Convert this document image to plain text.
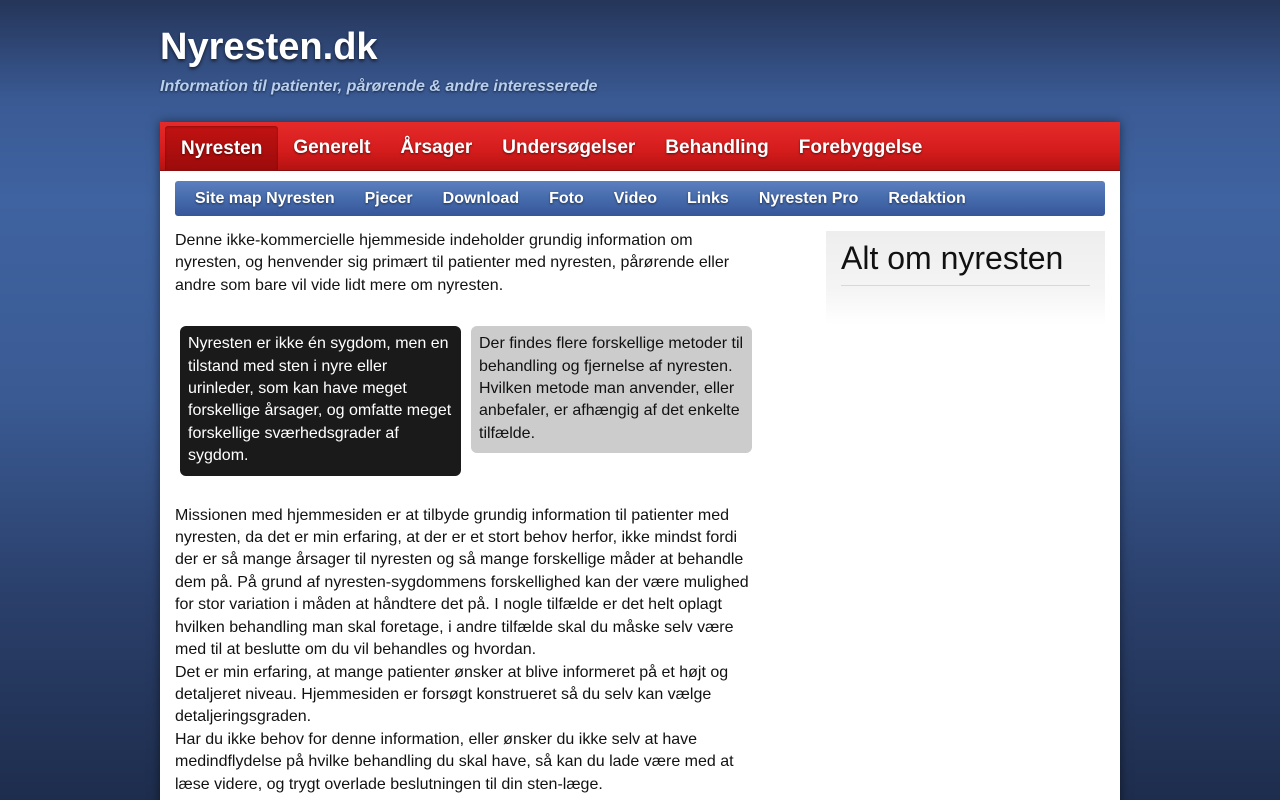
Nyresten.dk
Information til patienter, pårørende & andre interesserede
Nyresten	Generelt	Årsager	Undersøgelser	Behandling	Forebyggelse
Site map Nyresten	Pjecer	Download	Foto	Video	Links	Nyresten Pro	Redaktion

Denne ikke-kommercielle hjemmeside indeholder grundig information om nyresten, og henvender sig primært til patienter med nyresten, pårørende eller andre som bare vil vide lidt mere om nyresten.

Nyresten er ikke én sygdom, men en tilstand med sten i nyre eller urinleder, som kan have meget forskellige årsager, og omfatte meget forskellige sværhedsgrader af sygdom.
Der findes flere forskellige metoder til behandling og fjernelse af nyresten. Hvilken metode man anvender, eller anbefaler, er afhængig af det enkelte tilfælde.

Missionen med hjemmesiden er at tilbyde grundig information til patienter med nyresten, da det er min erfaring, at der er et stort behov herfor, ikke mindst fordi der er så mange årsager til nyresten og så mange forskellige måder at behandle dem på. På grund af nyresten-sygdommens forskellighed kan der være mulighed for stor variation i måden at håndtere det på. I nogle tilfælde er det helt oplagt hvilken behandling man skal foretage, i andre tilfælde skal du måske selv være med til at beslutte om du vil behandles og hvordan.

Det er min erfaring, at mange patienter ønsker at blive informeret på et højt og detaljeret niveau. Hjemmesiden er forsøgt konstrueret så du selv kan vælge detaljeringsgraden.

Har du ikke behov for denne information, eller ønsker du ikke selv at have medindflydelse på hvilke behandling du skal have, så kan du lade være med at læse videre, og trygt overlade beslutningen til din sten-læge.

Alt om nyresten
